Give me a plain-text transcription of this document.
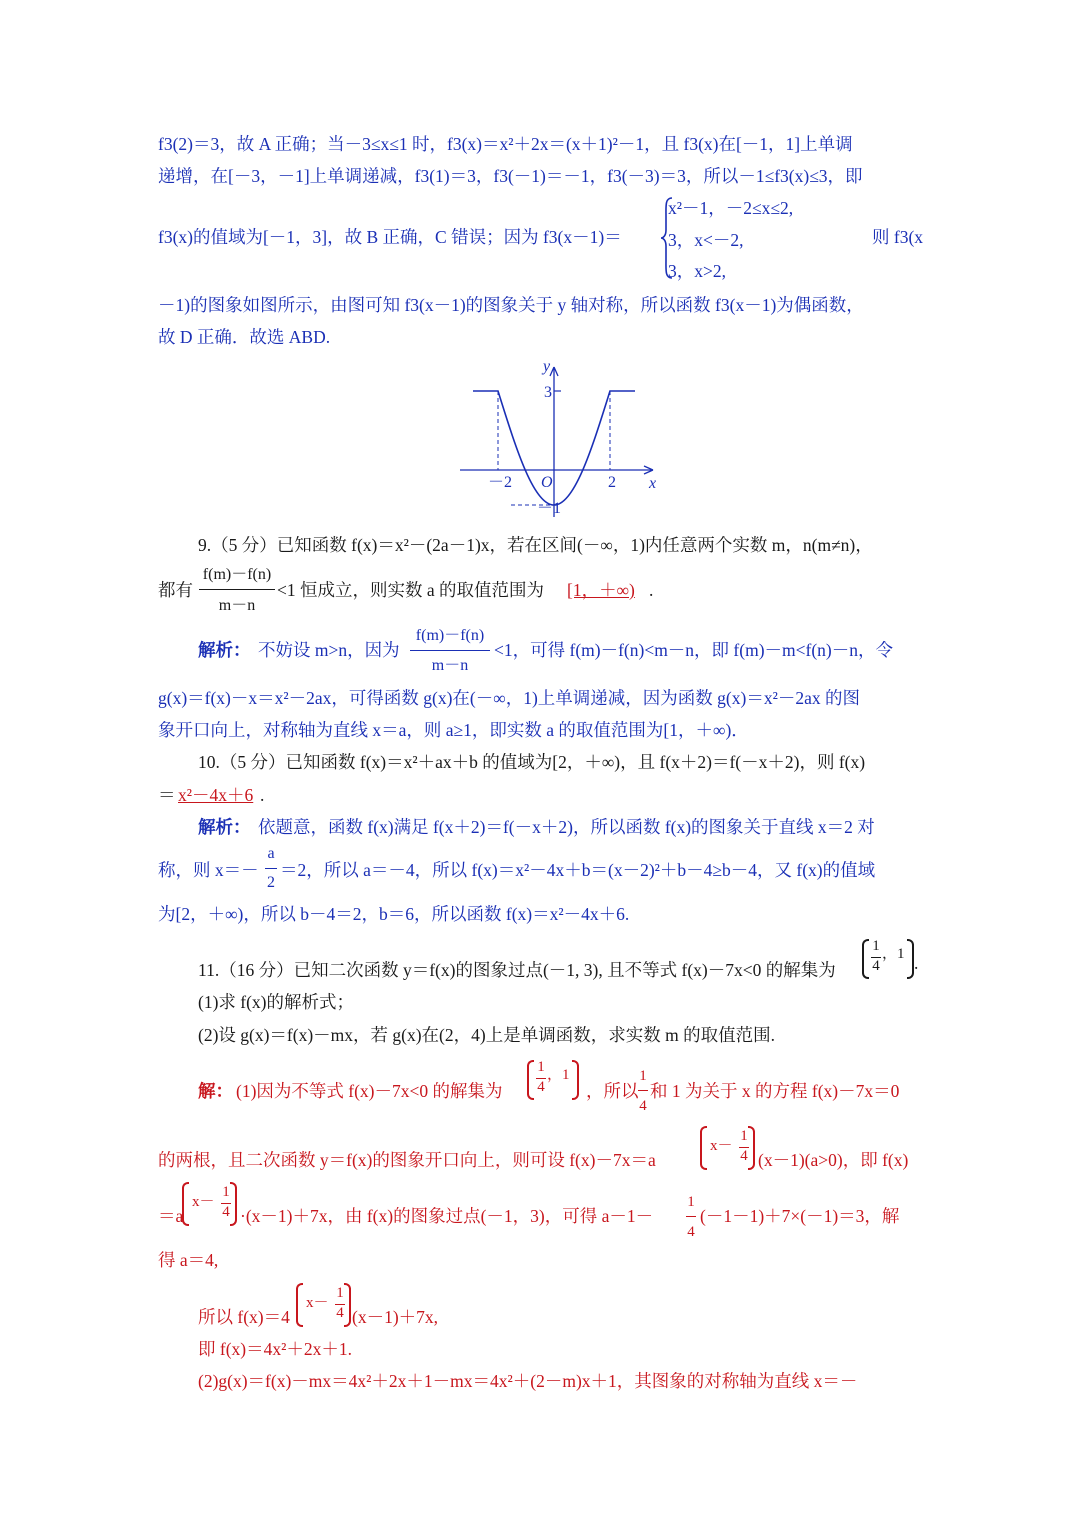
f3(2)＝3，故 A 正确；当－3≤x≤1 时，f3(x)＝x²＋2x＝(x＋1)²－1，且 f3(x)在[－1，1]上单调
递增，在[－3，－1]上单调递减，f3(1)＝3，f3(－1)＝－1，f3(－3)＝3，所以－1≤f3(x)≤3，即
f3(x)的值域为[－1，3]，故 B 正确，C 错误；因为 f3(x－1)＝
x²－1，－2≤x≤2,
3，x<－2,
3，x>2,
则 f3(x
－1)的图象如图所示，由图可知 f3(x－1)的图象关于 y 轴对称，所以函数 f3(x－1)为偶函数，
故 D 正确．故选 ABD.
y
x
O
－2	2
3
－1
9.（5 分）已知函数 f(x)＝x²－(2a－1)x，若在区间(－∞，1)内任意两个实数 m，n(m≠n)，
都有
f(m)－f(n)
m－n
<1 恒成立，则实数 a 的取值范围为	[1，＋∞) .
解析： 不妨设 m>n，因为
f(m)－f(n)
m－n
<1，可得 f(m)－f(n)<m－n，即 f(m)－m<f(n)－n，令
g(x)＝f(x)－x＝x²－2ax，可得函数 g(x)在(－∞，1)上单调递减，因为函数 g(x)＝x²－2ax 的图
象开口向上，对称轴为直线 x＝a，则 a≥1，即实数 a 的取值范围为[1，＋∞)．
10.（5 分）已知函数 f(x)＝x²＋ax＋b 的值域为[2，＋∞)，且 f(x＋2)＝f(－x＋2)，则 f(x)
＝ x²－4x＋6 .
解析： 依题意，函数 f(x)满足 f(x＋2)＝f(－x＋2)，所以函数 f(x)的图象关于直线 x＝2 对
称，则 x＝－
a
2
＝2，所以 a＝－4，所以 f(x)＝x²－4x＋b＝(x－2)²＋b－4≥b－4，又 f(x)的值域
为[2，＋∞)，所以 b－4＝2，b＝6，所以函数 f(x)＝x²－4x＋6.
11.（16 分）已知二次函数 y＝f(x)的图象过点(－1, 3), 且不等式 f(x)－7x<0 的解集为
1
4
，1 .
(1)求 f(x)的解析式；
(2)设 g(x)＝f(x)－mx，若 g(x)在(2，4)上是单调函数，求实数 m 的取值范围.
解： (1)因为不等式 f(x)－7x<0 的解集为
1
4
，1
，所以
1
4
和 1 为关于 x 的方程 f(x)－7x＝0
的两根，且二次函数 y＝f(x)的图象开口向上，则可设 f(x)－7x＝a
x－
1
4 (x－1)(a>0)，即 f(x)
＝a
x－
1
4 ·(x－1)＋7x，由 f(x)的图象过点(－1，3)，可得 a－1－
1
4
(－1－1)＋7×(－1)＝3，解
得 a＝4,
所以 f(x)＝4
x－
1
4 (x－1)＋7x,
即 f(x)＝4x²＋2x＋1.
(2)g(x)＝f(x)－mx＝4x²＋2x＋1－mx＝4x²＋(2－m)x＋1，其图象的对称轴为直线 x＝－
